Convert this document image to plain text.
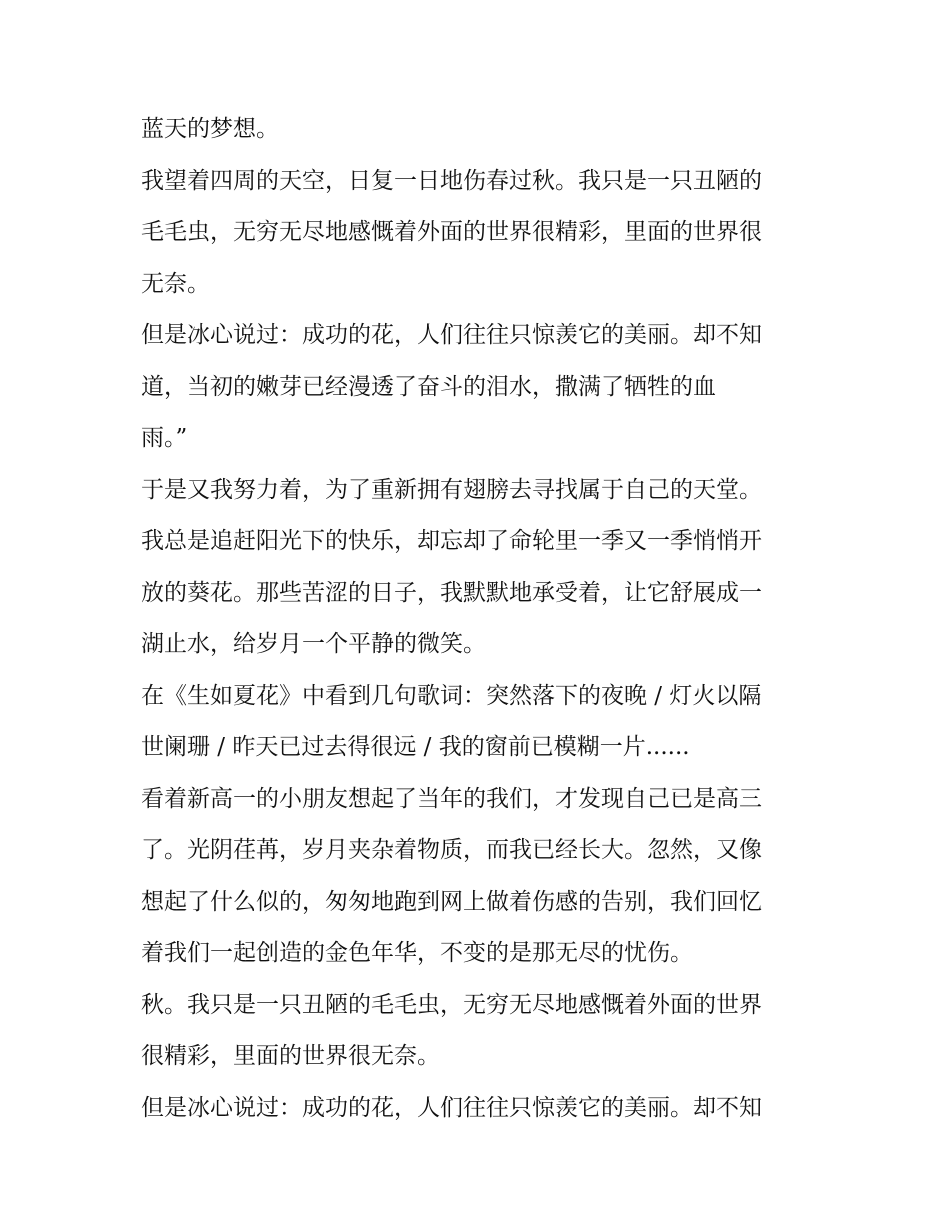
蓝天的梦想。
我望着四周的天空，日复一日地伤春过秋。我只是一只丑陋的
毛毛虫，无穷无尽地感慨着外面的世界很精彩，里面的世界很
无奈。
但是冰心说过：成功的花，人们往往只惊羡它的美丽。却不知
道，当初的嫩芽已经漫透了奋斗的泪水，撒满了牺牲的血
雨。”
于是又我努力着，为了重新拥有翅膀去寻找属于自己的天堂。
我总是追赶阳光下的快乐，却忘却了命轮里一季又一季悄悄开
放的葵花。那些苦涩的日子，我默默地承受着，让它舒展成一
湖止水，给岁月一个平静的微笑。
在《生如夏花》中看到几句歌词：突然落下的夜晚 / 灯火以隔
世阑珊 / 昨天已过去得很远 / 我的窗前已模糊一片......
看着新高一的小朋友想起了当年的我们，才发现自己已是高三
了。光阴荏苒，岁月夹杂着物质，而我已经长大。忽然，又像
想起了什么似的，匆匆地跑到网上做着伤感的告别，我们回忆
着我们一起创造的金色年华，不变的是那无尽的忧伤。
秋。我只是一只丑陋的毛毛虫，无穷无尽地感慨着外面的世界
很精彩，里面的世界很无奈。
但是冰心说过：成功的花，人们往往只惊羡它的美丽。却不知
